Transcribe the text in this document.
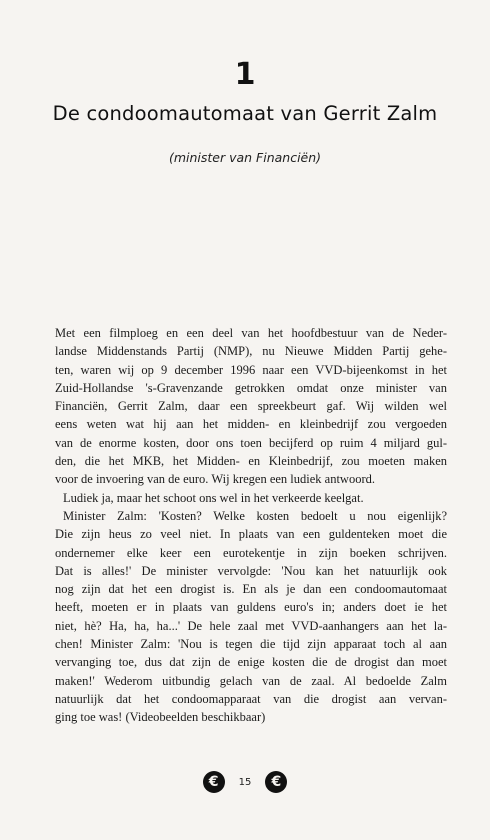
1
De condoomautomaat van Gerrit Zalm
(minister van Financiën)
Met een filmploeg en een deel van het hoofdbestuur van de Neder-
landse Middenstands Partij (NMP), nu Nieuwe Midden Partij gehe-
ten, waren wij op 9 december 1996 naar een VVD-bijeenkomst in het
Zuid-Hollandse 's-Gravenzande getrokken omdat onze minister van
Financiën, Gerrit Zalm, daar een spreekbeurt gaf. Wij wilden wel
eens weten wat hij aan het midden- en kleinbedrijf zou vergoeden
van de enorme kosten, door ons toen becijferd op ruim 4 miljard gul-
den, die het MKB, het Midden- en Kleinbedrijf, zou moeten maken
voor de invoering van de euro. Wij kregen een ludiek antwoord.
Ludiek ja, maar het schoot ons wel in het verkeerde keelgat.
Minister Zalm: 'Kosten? Welke kosten bedoelt u nou eigenlijk?
Die zijn heus zo veel niet. In plaats van een guldenteken moet die
ondernemer elke keer een eurotekentje in zijn boeken schrijven.
Dat is alles!' De minister vervolgde: 'Nou kan het natuurlijk ook
nog zijn dat het een drogist is. En als je dan een condoomautomaat
heeft, moeten er in plaats van guldens euro's in; anders doet ie het
niet, hè? Ha, ha, ha...' De hele zaal met VVD-aanhangers aan het la-
chen! Minister Zalm: 'Nou is tegen die tijd zijn apparaat toch al aan
vervanging toe, dus dat zijn de enige kosten die de drogist dan moet
maken!' Wederom uitbundig gelach van de zaal. Al bedoelde Zalm
natuurlijk dat het condoomapparaat van die drogist aan vervan-
ging toe was! (Videobeelden beschikbaar)
€	15	€
